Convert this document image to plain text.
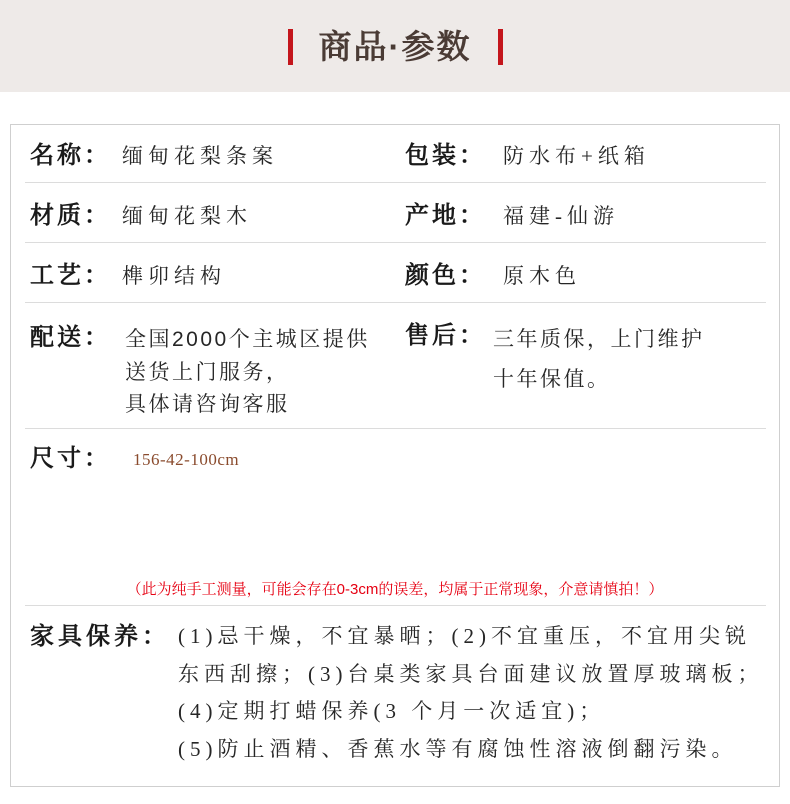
商品·参数
名称： 缅甸花梨条案	包装： 防水布+纸箱
材质： 缅甸花梨木	产地： 福建-仙游
工艺： 榫卯结构	颜色： 原木色
配送： 全国2000个主城区提供
送货上门服务，
具体请咨询客服
售后： 三年质保，上门维护
十年保值。
尺寸： 156-42-100cm
（此为纯手工测量，可能会存在0-3cm的误差，均属于正常现象，介意请慎拍！）
家具保养： (1)忌干燥，不宜暴晒；(2)不宜重压，不宜用尖锐
东西刮擦；(3)台桌类家具台面建议放置厚玻璃板；
(4)定期打蜡保养(3 个月一次适宜)；
(5)防止酒精、香蕉水等有腐蚀性溶液倒翻污染。
